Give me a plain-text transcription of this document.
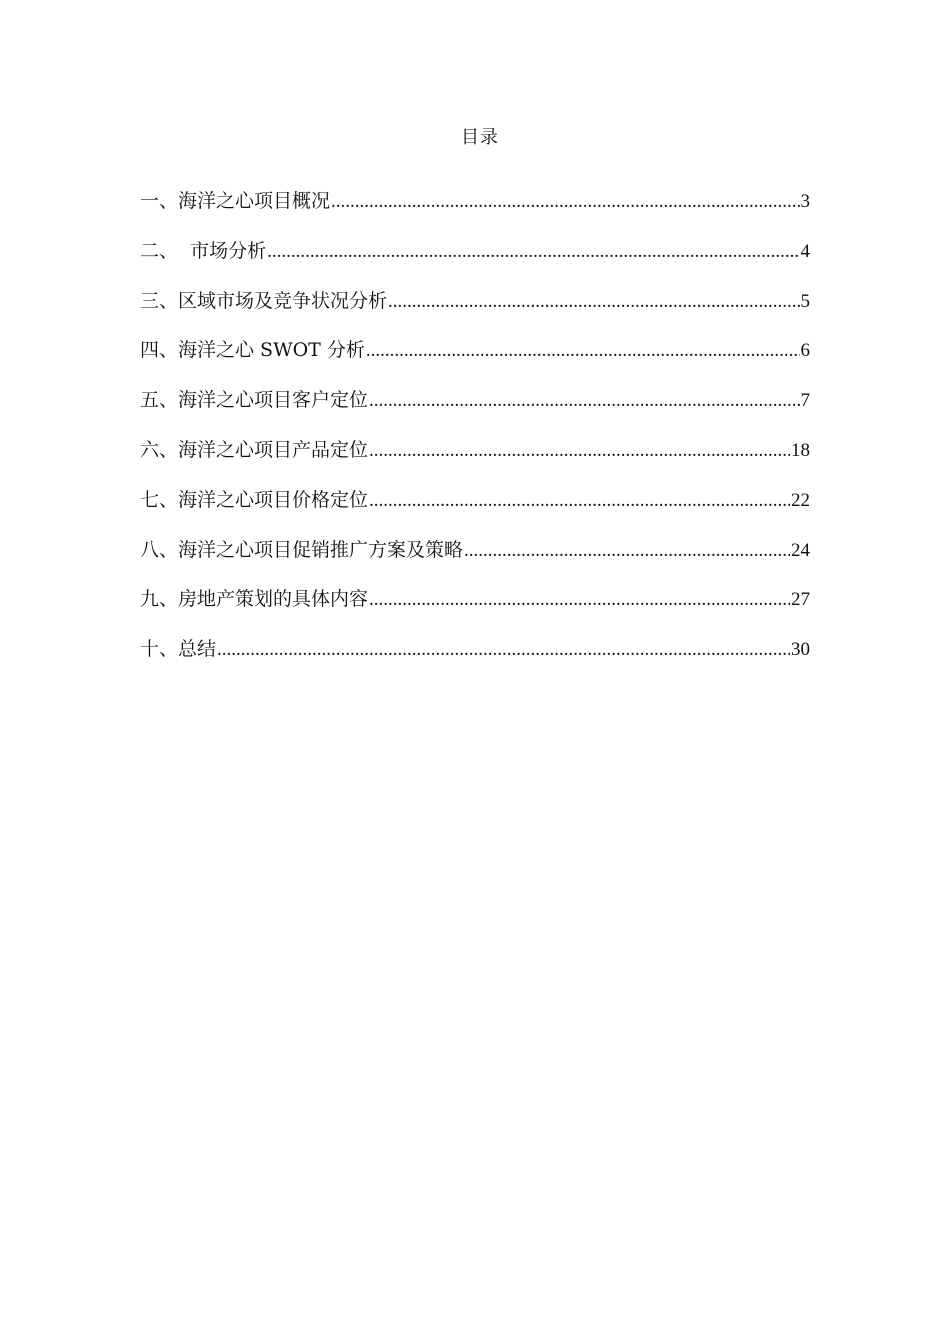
目录
一、 海洋之心项目概况 .....	3
二、 市场分析 .....	4
三、 区域市场及竞争状况分析 .....	5
四、 海洋之心 SWOT 分析 .....	6
五、 海洋之心项目客户定位 .....	7
六、 海洋之心项目产品定位 .....	18
七、 海洋之心项目价格定位 .....	22
八、 海洋之心项目促销推广方案及策略 .....	24
九、 房地产策划的具体内容 .....	27
十、 总结 .....	30
